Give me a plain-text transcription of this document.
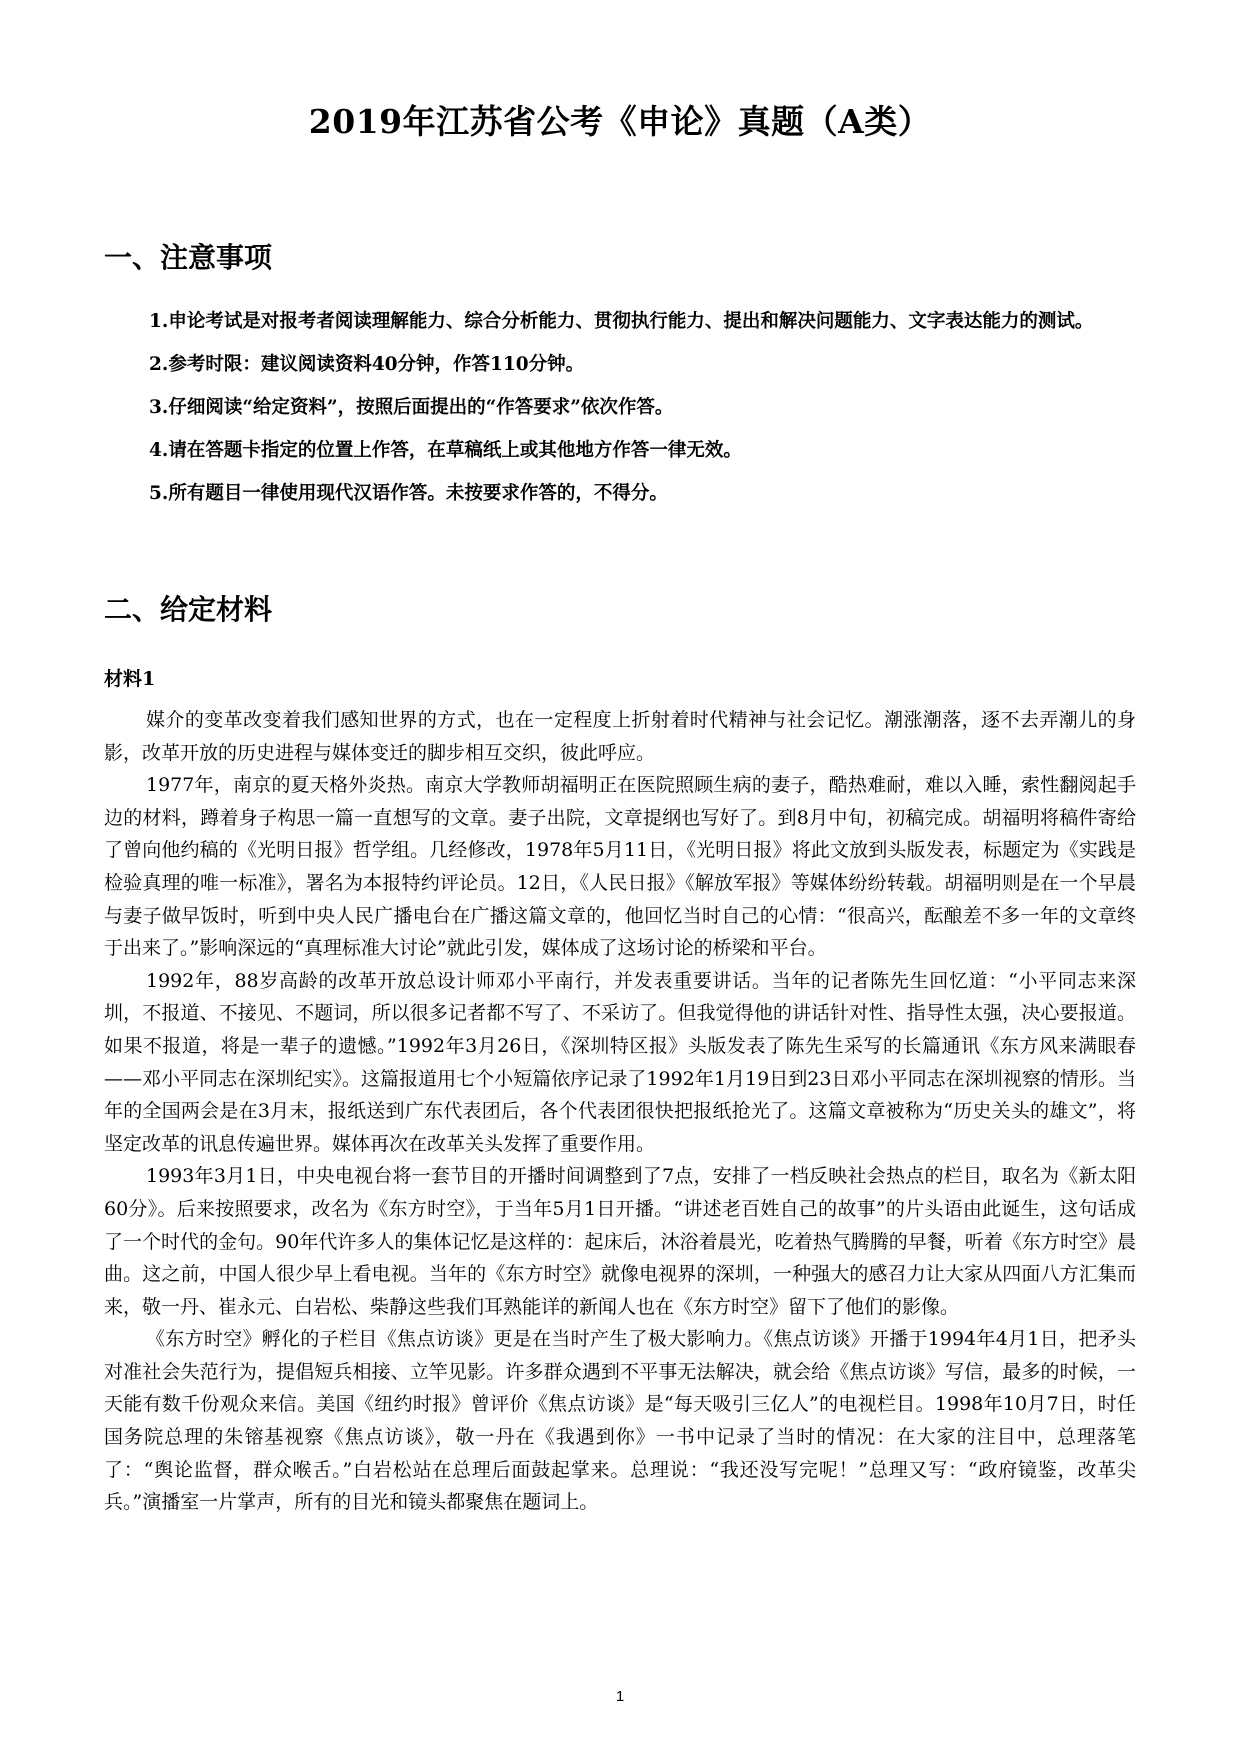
2019年江苏省公考《申论》真题（A类）
一、注意事项

1.申论考试是对报考者阅读理解能力、综合分析能力、贯彻执行能力、提出和解决问题能力、文字表达能力的测试。

2.参考时限：建议阅读资料40分钟，作答110分钟。

3.仔细阅读“给定资料”，按照后面提出的“作答要求”依次作答。

4.请在答题卡指定的位置上作答，在草稿纸上或其他地方作答一律无效。

5.所有题目一律使用现代汉语作答。未按要求作答的，不得分。

二、给定材料
材料1

媒介的变革改变着我们感知世界的方式，也在一定程度上折射着时代精神与社会记忆。潮涨潮落，逐不去弄潮儿的身影，改革开放的历史进程与媒体变迁的脚步相互交织，彼此呼应。

1977年，南京的夏天格外炎热。南京大学教师胡福明正在医院照顾生病的妻子，酷热难耐，难以入睡，索性翻阅起手边的材料，蹲着身子构思一篇一直想写的文章。妻子出院，文章提纲也写好了。到8月中旬，初稿完成。胡福明将稿件寄给了曾向他约稿的《光明日报》哲学组。几经修改，1978年5月11日，《光明日报》将此文放到头版发表，标题定为《实践是检验真理的唯一标准》，署名为本报特约评论员。12日，《人民日报》《解放军报》等媒体纷纷转载。胡福明则是在一个早晨与妻子做早饭时，听到中央人民广播电台在广播这篇文章的，他回忆当时自己的心情：“很高兴，酝酿差不多一年的文章终于出来了。”影响深远的“真理标准大讨论”就此引发，媒体成了这场讨论的桥梁和平台。

1992年，88岁高龄的改革开放总设计师邓小平南行，并发表重要讲话。当年的记者陈先生回忆道：“小平同志来深圳，不报道、不接见、不题词，所以很多记者都不写了、不采访了。但我觉得他的讲话针对性、指导性太强，决心要报道。如果不报道，将是一辈子的遗憾。”1992年3月26日，《深圳特区报》头版发表了陈先生采写的长篇通讯《东方风来满眼春——邓小平同志在深圳纪实》。这篇报道用七个小短篇依序记录了1992年1月19日到23日邓小平同志在深圳视察的情形。当年的全国两会是在3月末，报纸送到广东代表团后，各个代表团很快把报纸抢光了。这篇文章被称为“历史关头的雄文”，将坚定改革的讯息传遍世界。媒体再次在改革关头发挥了重要作用。

1993年3月1日，中央电视台将一套节目的开播时间调整到了7点，安排了一档反映社会热点的栏目，取名为《新太阳60分》。后来按照要求，改名为《东方时空》，于当年5月1日开播。“讲述老百姓自己的故事”的片头语由此诞生，这句话成了一个时代的金句。90年代许多人的集体记忆是这样的：起床后，沐浴着晨光，吃着热气腾腾的早餐，听着《东方时空》晨曲。这之前，中国人很少早上看电视。当年的《东方时空》就像电视界的深圳，一种强大的感召力让大家从四面八方汇集而来，敬一丹、崔永元、白岩松、柴静这些我们耳熟能详的新闻人也在《东方时空》留下了他们的影像。

《东方时空》孵化的子栏目《焦点访谈》更是在当时产生了极大影响力。《焦点访谈》开播于1994年4月1日，把矛头对准社会失范行为，提倡短兵相接、立竿见影。许多群众遇到不平事无法解决，就会给《焦点访谈》写信，最多的时候，一天能有数千份观众来信。美国《纽约时报》曾评价《焦点访谈》是“每天吸引三亿人”的电视栏目。1998年10月7日，时任国务院总理的朱镕基视察《焦点访谈》，敬一丹在《我遇到你》一书中记录了当时的情况：在大家的注目中，总理落笔了：“舆论监督，群众喉舌。”白岩松站在总理后面鼓起掌来。总理说：“我还没写完呢！”总理又写：“政府镜鉴，改革尖兵。”演播室一片掌声，所有的目光和镜头都聚焦在题词上。

1
